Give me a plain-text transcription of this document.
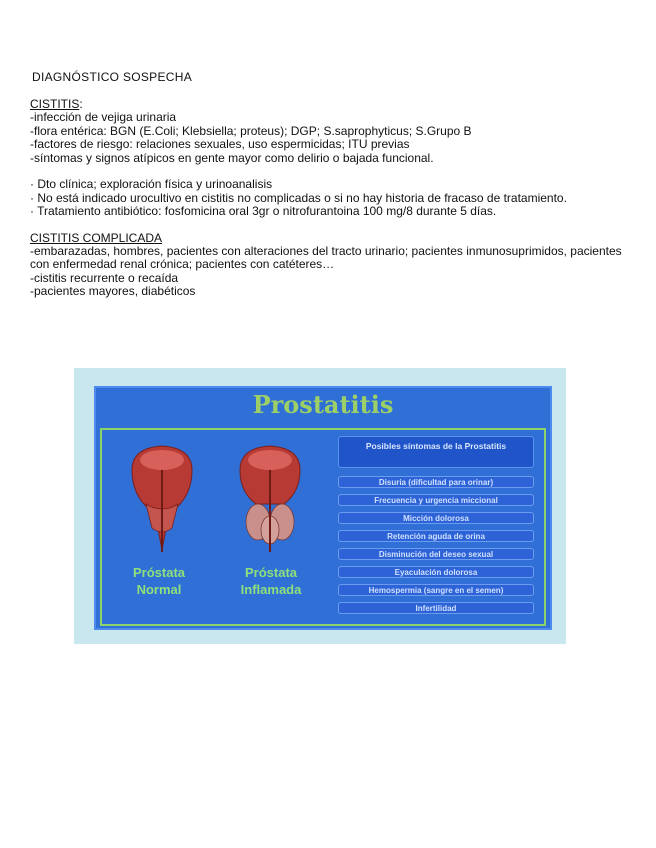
DIAGNÓSTICO SOSPECHA

CISTITIS:

-infección de vejiga urinaria

-flora entérica: BGN (E.Coli; Klebsiella; proteus); DGP; S.saprophyticus; S.Grupo B

-factores de riesgo: relaciones sexuales, uso espermicidas; ITU previas

-síntomas y signos atípicos en gente mayor como delirio o bajada funcional.

· Dto clínica; exploración física y urinoanalisis

· No está indicado urocultivo en cistitis no complicadas o si no hay historia de fracaso de tratamiento.

· Tratamiento antibiótico: fosfomicina oral 3gr o nitrofurantoina 100 mg/8 durante 5 días.

CISTITIS COMPLICADA

-embarazadas, hombres, pacientes con alteraciones del tracto urinario; pacientes inmunosuprimidos, pacientes con enfermedad renal crónica; pacientes con catéteres…

-cistitis recurrente o recaída

-pacientes mayores, diabéticos

Prostatitis
Próstata Normal
Próstata Inflamada
Posibles síntomas de la Prostatitis
Disuria (dificultad para orinar)
Frecuencia y urgencia miccional
Micción dolorosa
Retención aguda de orina
Disminución del deseo sexual
Eyaculación dolorosa
Hemospermia (sangre en el semen)
Infertilidad
